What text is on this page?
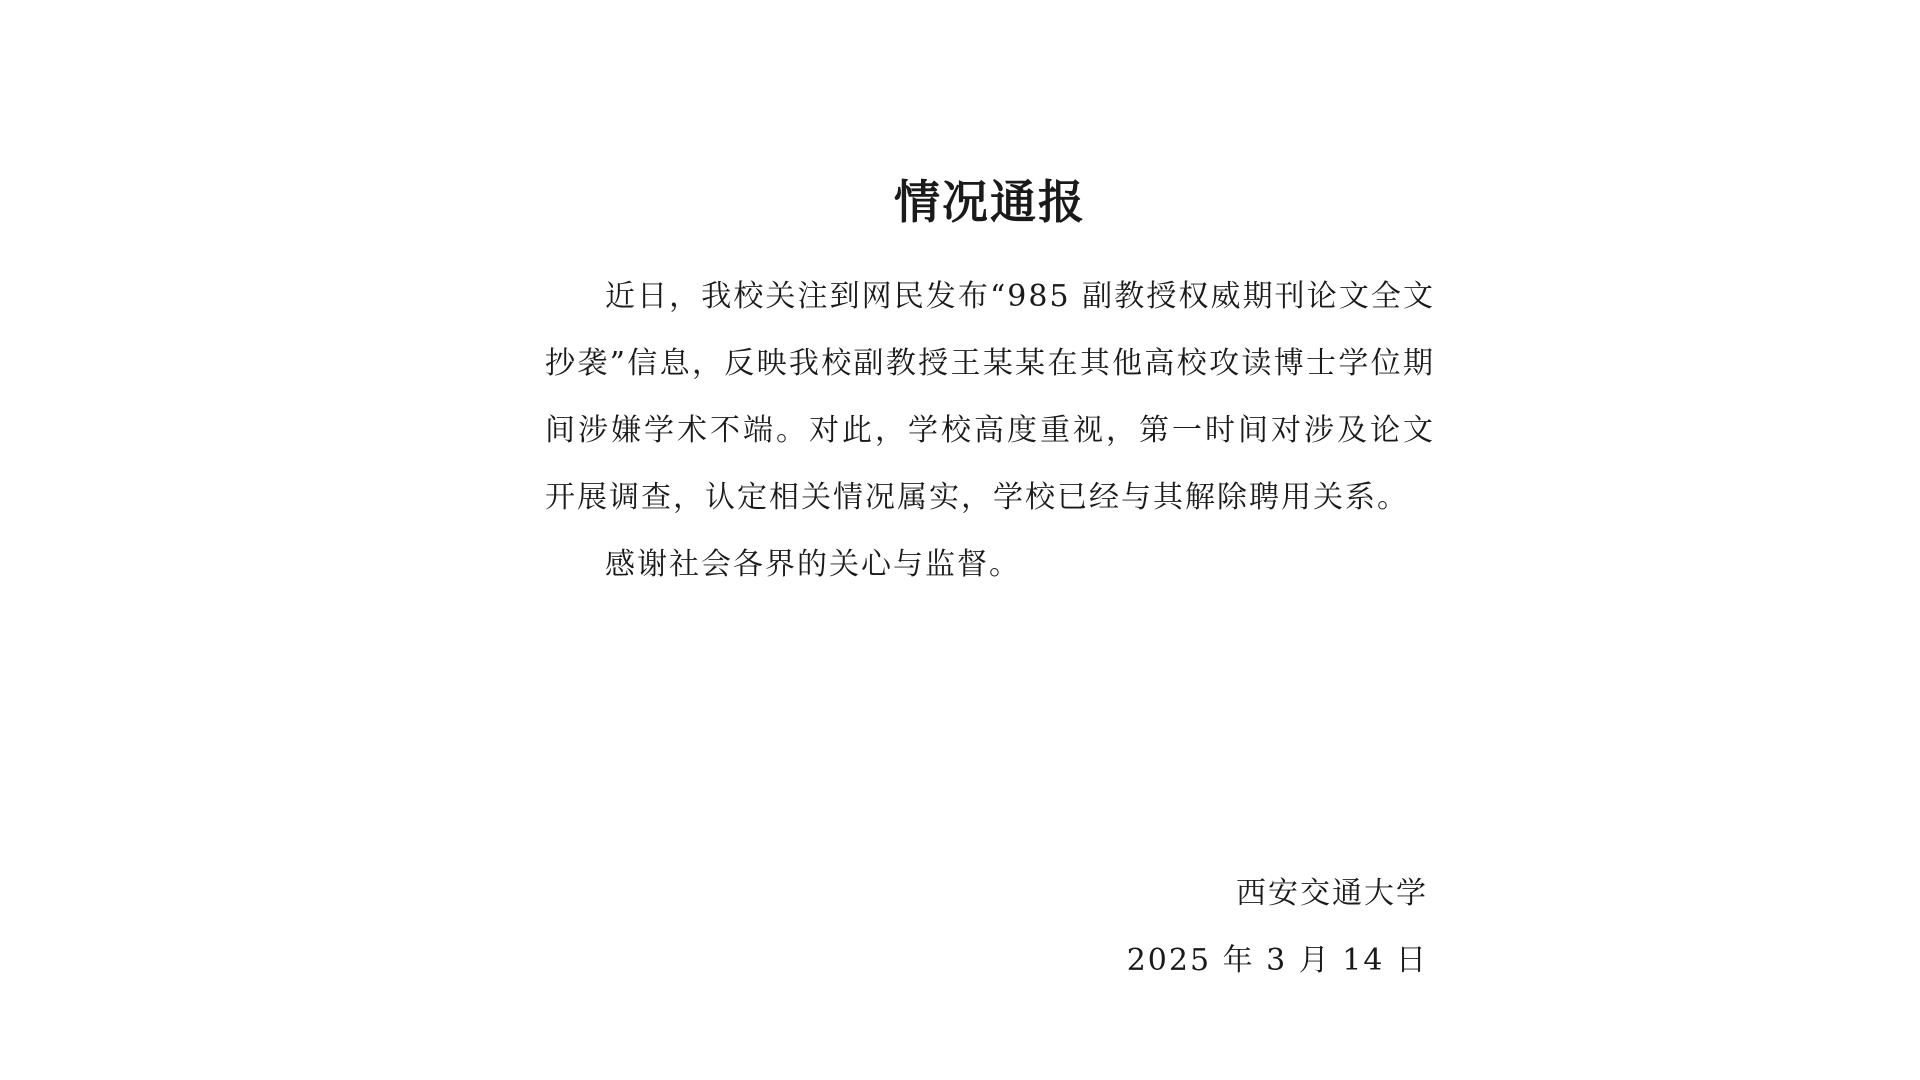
情况通报

近日，我校关注到网民发布“985 副教授权威期刊论文全文抄袭”信息，反映我校副教授王某某在其他高校攻读博士学位期间涉嫌学术不端。对此，学校高度重视，第一时间对涉及论文开展调查，认定相关情况属实，学校已经与其解除聘用关系。

感谢社会各界的关心与监督。

西安交通大学
2025 年 3 月 14 日
